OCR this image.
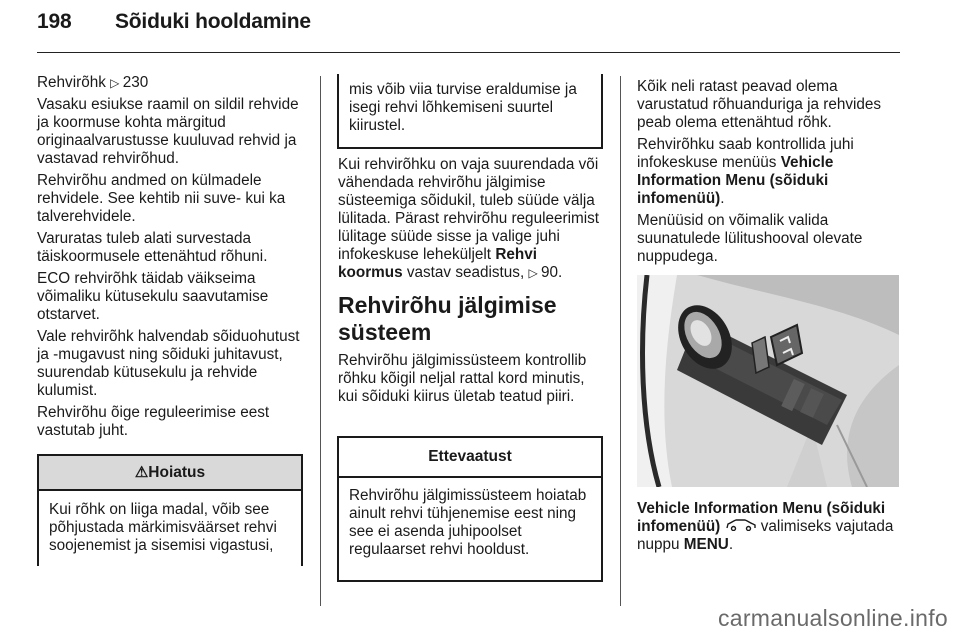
198 Sõiduki hooldamine

Rehvirõhk ▷ 230

Vasaku esiukse raamil on sildil rehvide ja koormuse kohta märgitud originaalvarustusse kuuluvad rehvid ja vastavad rehvirõhud.

Rehvirõhu andmed on külmadele rehvidele. See kehtib nii suve- kui ka talverehvidele.

Varuratas tuleb alati survestada täiskoormusele ettenähtud rõhuni.

ECO rehvirõhk täidab väikseima võimaliku kütusekulu saavutamise otstarvet.

Vale rehvirõhk halvendab sõiduohutust ja -mugavust ning sõiduki juhitavust, suurendab kütusekulu ja rehvide kulumist.

Rehvirõhu õige reguleerimise eest vastutab juht.

⚠Hoiatus
Kui rõhk on liiga madal, võib see põhjustada märkimisväärset rehvi soojenemist ja sisemisi vigastusi,
mis võib viia turvise eraldumise ja isegi rehvi lõhkemiseni suurtel kiirustel.

Kui rehvirõhku on vaja suurendada või vähendada rehvirõhu jälgimise süsteemiga sõidukil, tuleb süüde välja lülitada. Pärast rehvirõhu reguleerimist lülitage süüde sisse ja valige juhi infokeskuse leheküljelt Rehvi koormus vastav seadistus, ▷ 90.

Rehvirõhu jälgimise süsteem

Rehvirõhu jälgimissüsteem kontrollib rõhku kõigil neljal rattal kord minutis, kui sõiduki kiirus ületab teatud piiri.

Ettevaatust
Rehvirõhu jälgimissüsteem hoiatab ainult rehvi tühjenemise eest ning see ei asenda juhipoolset regulaarset rehvi hooldust.

Kõik neli ratast peavad olema varustatud rõhuanduriga ja rehvides peab olema ettenähtud rõhk.

Rehvirõhku saab kontrollida juhi infokeskuse menüüs Vehicle Information Menu (sõiduki infomenüü).

Menüüsid on võimalik valida suunatulede lülitushooval olevate nuppudega.

Vehicle Information Menu (sõiduki infomenüü)  valimiseks vajutada nuppu MENU.

carmanualsonline.info
